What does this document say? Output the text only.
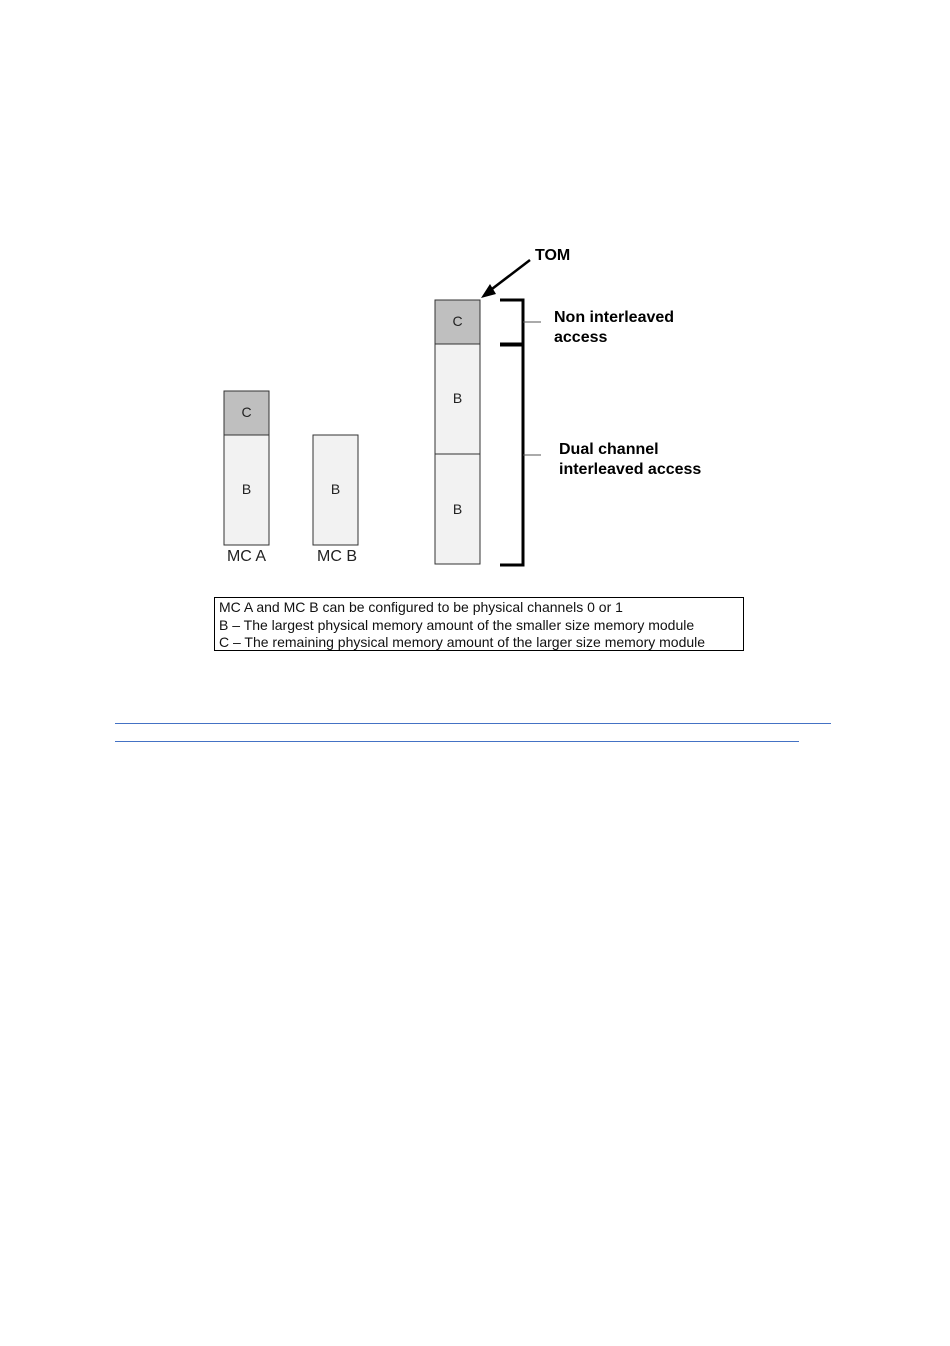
C
B
MC A
B
MC B
C
B
B
TOM
Non interleaved
access
Dual channel
interleaved access
MC A and MC B can be configured to be physical channels 0 or 1
B – The largest physical memory amount of the smaller size memory module
C – The remaining physical memory amount of the larger size memory module
